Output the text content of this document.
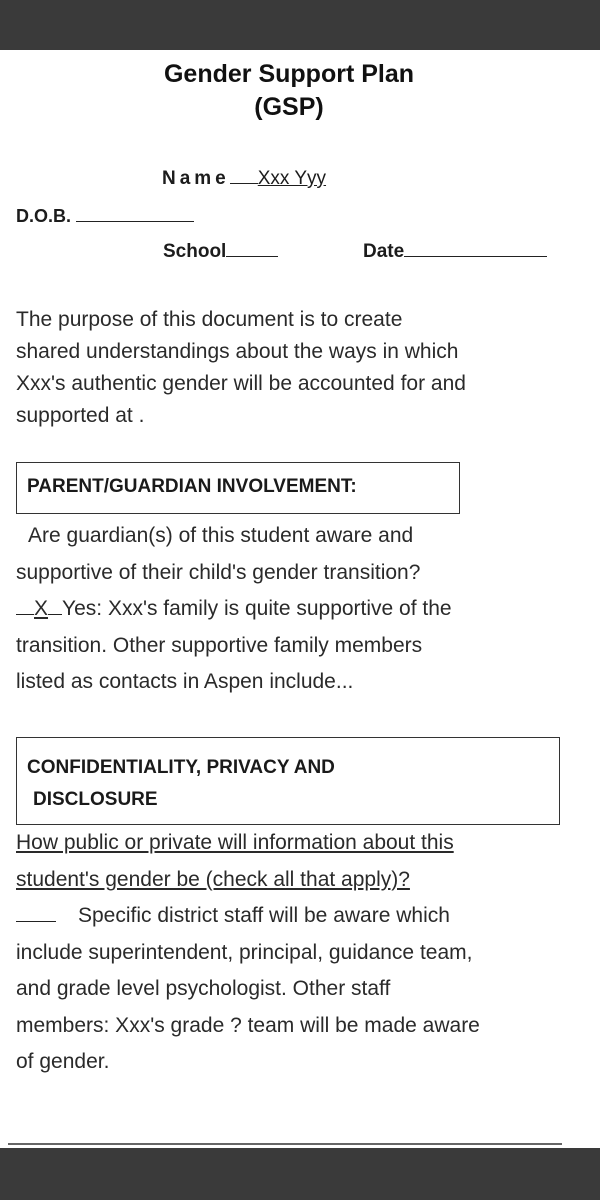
Gender Support Plan
(GSP)
Name Xxx Yyy
D.O.B.
School	Date
The purpose of this document is to create
shared understandings about the ways in which
Xxx's authentic gender will be accounted for and
supported at .
PARENT/GUARDIAN INVOLVEMENT:
Are guardian(s) of this student aware and
supportive of their child's gender transition?
X Yes: Xxx's family is quite supportive of the
transition. Other supportive family members
listed as contacts in Aspen include...
CONFIDENTIALITY, PRIVACY AND
DISCLOSURE
How public or private will information about this
student's gender be (check all that apply)?
Specific district staff will be aware which
include superintendent, principal, guidance team,
and grade level psychologist. Other staff
members: Xxx's grade ? team will be made aware
of gender.
